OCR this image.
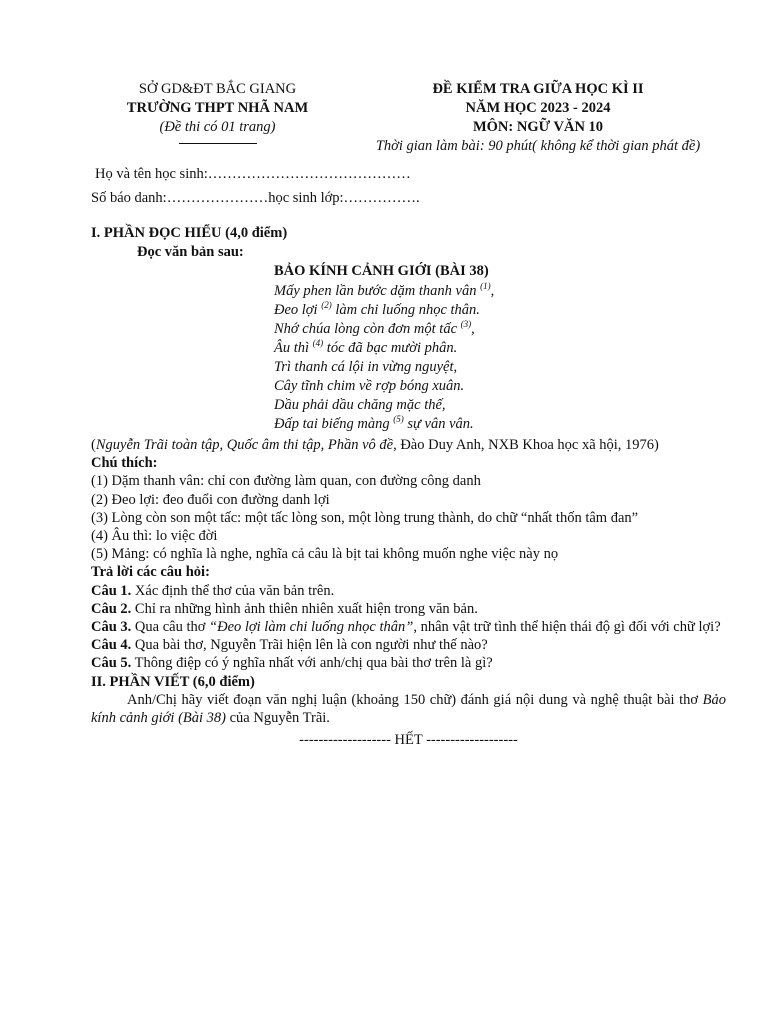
SỞ GD&ĐT BẮC GIANG
TRƯỜNG THPT NHÃ NAM
(Đề thi có 01 trang)
ĐỀ KIỂM TRA GIỮA HỌC KÌ II
NĂM HỌC 2023 - 2024
MÔN: NGỮ VĂN 10
Thời gian làm bài: 90 phút( không kể thời gian phát đề)
Họ và tên học sinh:……………………………………
Số báo danh:…………………học sinh lớp:…………….
I. PHẦN ĐỌC HIỂU (4,0 điểm)
Đọc văn bản sau:
BẢO KÍNH CẢNH GIỚI (BÀI 38)
Mấy phen lần bước dặm thanh vân $^{(1)}$,
Đeo lợi $^{(2)}$ làm chi luống nhọc thân.
Nhớ chúa lòng còn đơn một tấc $^{(3)}$,
Âu thì $^{(4)}$ tóc đã bạc mười phân.
Trì thanh cá lội in vừng nguyệt,
Cây tĩnh chim về rợp bóng xuân.
Dầu phải dầu chăng mặc thế,
Đấp tai biếng màng $^{(5)}$ sự vân vân.
(Nguyễn Trãi toàn tập, Quốc âm thi tập, Phần vô đề, Đào Duy Anh, NXB Khoa học xã hội, 1976)
Chú thích:
(1) Dặm thanh vân: chỉ con đường làm quan, con đường công danh
(2) Đeo lợi: đeo đuổi con đường danh lợi
(3) Lòng còn son một tấc: một tấc lòng son, một lòng trung thành, do chữ “nhất thốn tâm đan”
(4) Âu thì: lo việc đời
(5) Mảng: có nghĩa là nghe, nghĩa cả câu là bịt tai không muốn nghe việc này nọ
Trả lời các câu hỏi:
Câu 1. Xác định thể thơ của văn bản trên.
Câu 2. Chỉ ra những hình ảnh thiên nhiên xuất hiện trong văn bản.
Câu 3. Qua câu thơ “Đeo lợi làm chi luống nhọc thân”, nhân vật trữ tình thể hiện thái độ gì đối với chữ lợi?
Câu 4. Qua bài thơ, Nguyễn Trãi hiện lên là con người như thế nào?
Câu 5. Thông điệp có ý nghĩa nhất với anh/chị qua bài thơ trên là gì?
II. PHẦN VIẾT (6,0 điểm)
Anh/Chị hãy viết đoạn văn nghị luận (khoảng 150 chữ) đánh giá nội dung và nghệ thuật bài thơ Bảo kính cảnh giới (Bài 38) của Nguyễn Trãi.
------------------- HẾT -------------------
